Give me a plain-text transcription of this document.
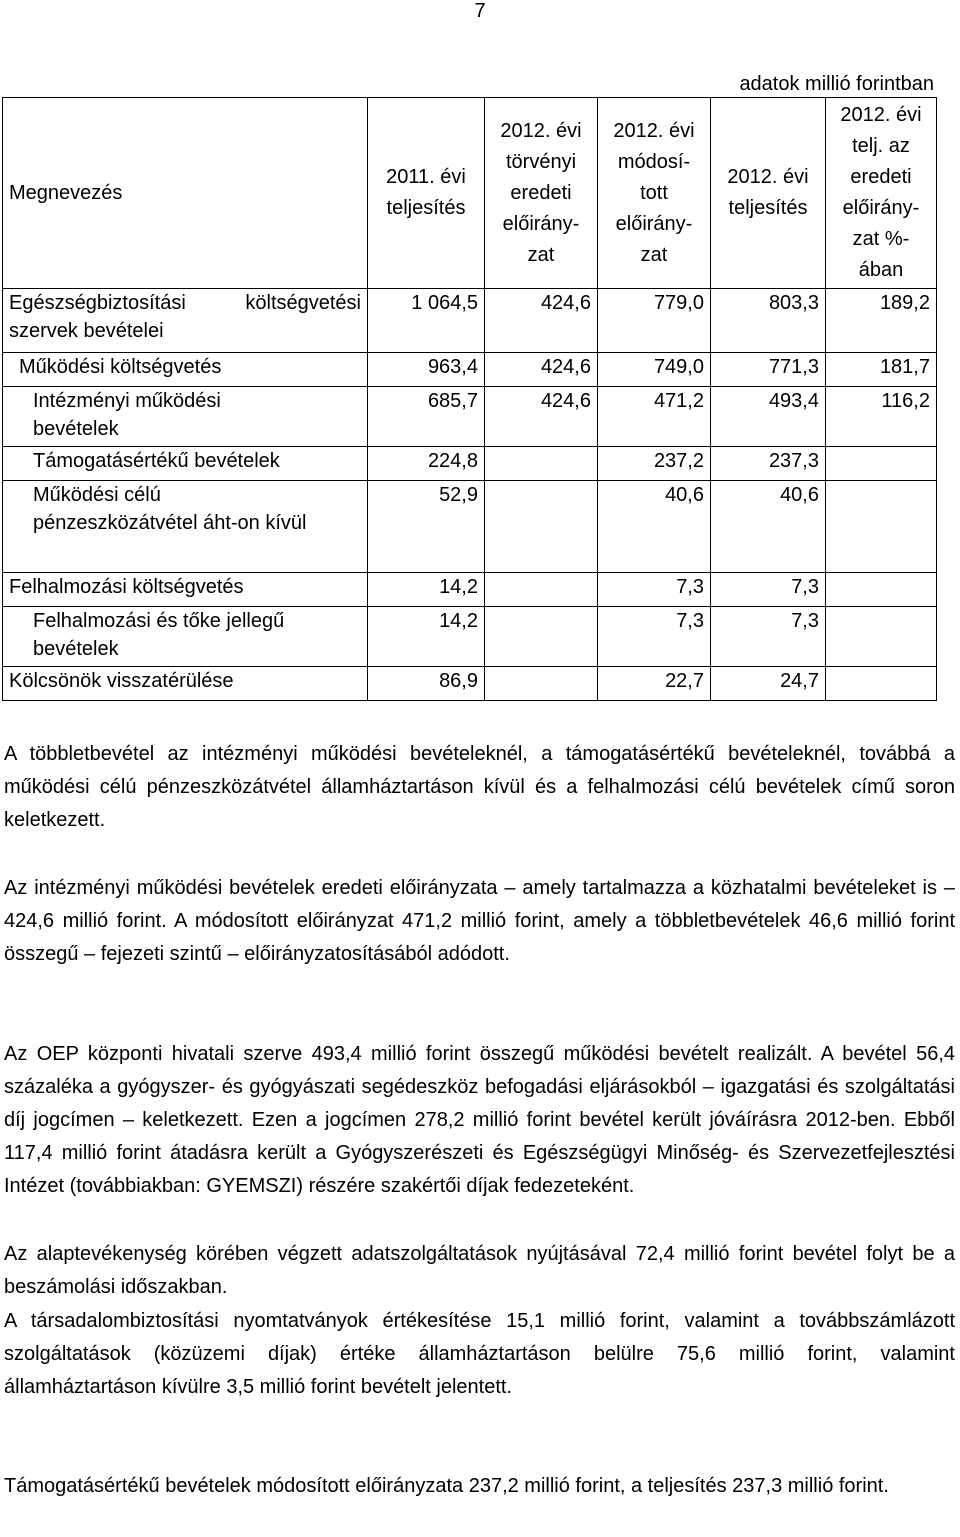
7
adatok millió forintban
Megnevezés	2011. évi teljesítés	2012. évi törvényi eredeti előirány-zat	2012. évi módosí-tott előirány-zat	2012. évi teljesítés	2012. évi telj. az eredeti előirány-zat %-ában
Egészségbiztosítási költségvetési szervek bevételei	1 064,5	424,6	779,0	803,3	189,2
Működési költségvetés	963,4	424,6	749,0	771,3	181,7
Intézményi működési bevételek	685,7	424,6	471,2	493,4	116,2
Támogatásértékű bevételek	224,8		237,2	237,3	
Működési célú pénzeszközátvétel áht-on kívül	52,9		40,6	40,6	
Felhalmozási költségvetés	14,2		7,3	7,3	
Felhalmozási és tőke jellegű bevételek	14,2		7,3	7,3	
Kölcsönök visszatérülése	86,9		22,7	24,7	

A többletbevétel az intézményi működési bevételeknél, a támogatásértékű bevételeknél, továbbá a működési célú pénzeszközátvétel államháztartáson kívül és a felhalmozási célú bevételek című soron keletkezett.

Az intézményi működési bevételek eredeti előirányzata – amely tartalmazza a közhatalmi bevételeket is – 424,6 millió forint. A módosított előirányzat 471,2 millió forint, amely a többletbevételek 46,6 millió forint összegű – fejezeti szintű – előirányzatosításából adódott.

Az OEP központi hivatali szerve 493,4 millió forint összegű működési bevételt realizált. A bevétel 56,4 százaléka a gyógyszer- és gyógyászati segédeszköz befogadási eljárásokból – igazgatási és szolgáltatási díj jogcímen – keletkezett. Ezen a jogcímen 278,2 millió forint bevétel került jóváírásra 2012-ben. Ebből 117,4 millió forint átadásra került a Gyógyszerészeti és Egészségügyi Minőség- és Szervezetfejlesztési Intézet (továbbiakban: GYEMSZI) részére szakértői díjak fedezeteként.

Az alaptevékenység körében végzett adatszolgáltatások nyújtásával 72,4 millió forint bevétel folyt be a beszámolási időszakban.

A társadalombiztosítási nyomtatványok értékesítése 15,1 millió forint, valamint a továbbszámlázott szolgáltatások (közüzemi díjak) értéke államháztartáson belülre 75,6 millió forint, valamint államháztartáson kívülre 3,5 millió forint bevételt jelentett.

Támogatásértékű bevételek módosított előirányzata 237,2 millió forint, a teljesítés 237,3 millió forint.
